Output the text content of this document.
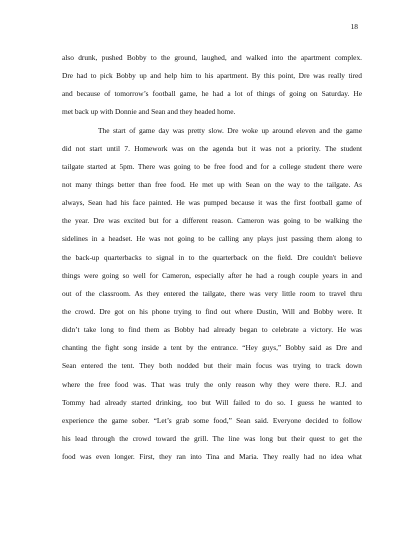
18
also drunk, pushed Bobby to the ground, laughed, and walked into the apartment complex.
Dre had to pick Bobby up and help him to his apartment. By this point, Dre was really tired
and because of tomorrow’s football game, he had a lot of things of going on Saturday. He
met back up with Donnie and Sean and they headed home.
The start of game day was pretty slow. Dre woke up around eleven and the game
did not start until 7. Homework was on the agenda but it was not a priority. The student
tailgate started at 5pm. There was going to be free food and for a college student there were
not many things better than free food. He met up with Sean on the way to the tailgate. As
always, Sean had his face painted. He was pumped because it was the first football game of
the year. Dre was excited but for a different reason. Cameron was going to be walking the
sidelines in a headset. He was not going to be calling any plays just passing them along to
the back-up quarterbacks to signal in to the quarterback on the field. Dre couldn't believe
things were going so well for Cameron, especially after he had a rough couple years in and
out of the classroom. As they entered the tailgate, there was very little room to travel thru
the crowd. Dre got on his phone trying to find out where Dustin, Will and Bobby were. It
didn’t take long to find them as Bobby had already began to celebrate a victory. He was
chanting the fight song inside a tent by the entrance. “Hey guys,” Bobby said as Dre and
Sean entered the tent. They both nodded but their main focus was trying to track down
where the free food was. That was truly the only reason why they were there. R.J. and
Tommy had already started drinking, too but Will failed to do so. I guess he wanted to
experience the game sober. “Let’s grab some food,” Sean said. Everyone decided to follow
his lead through the crowd toward the grill. The line was long but their quest to get the
food was even longer. First, they ran into Tina and Maria. They really had no idea what
